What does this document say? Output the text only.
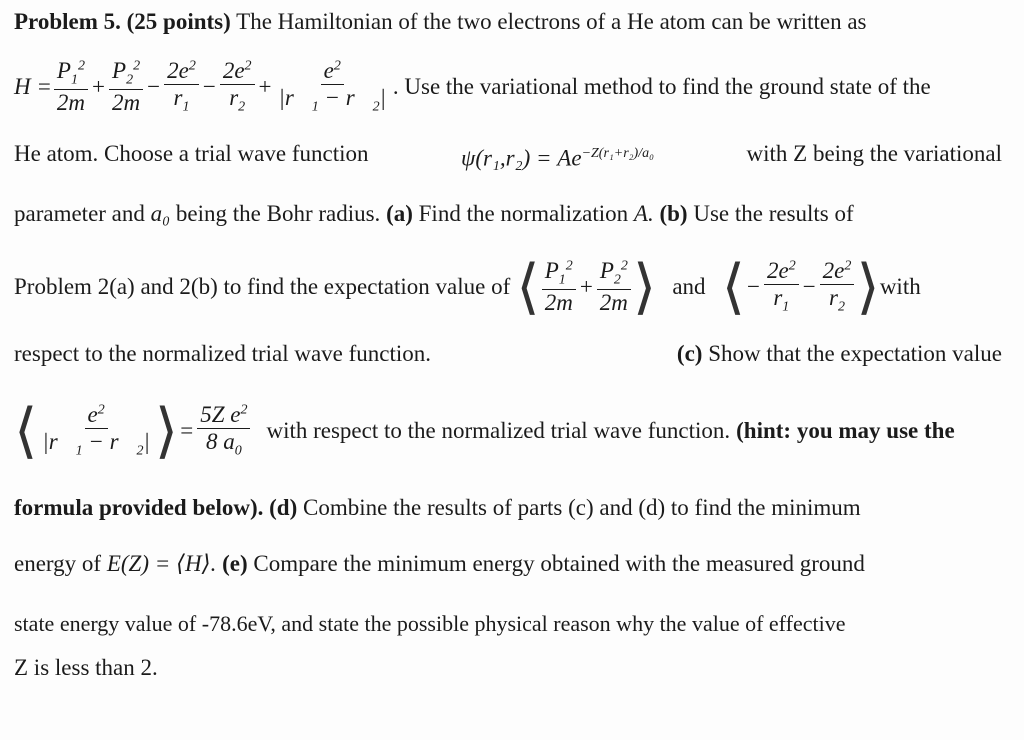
Problem 5. (25 points) The Hamiltonian of the two electrons of a He atom can be written as
$H = \frac{P_1^2}{2m} + \frac{P_2^2}{2m} - \frac{2e^2}{r_1} - \frac{2e^2}{r_2} + \frac{e^2}{|r⃗_1 - r⃗_2|}$ . Use the variational method to find the ground state of the
He atom. Choose a trial wave function	$\psi(r_1,r_2) = Ae^{-Z(r_1+r_2)/a_0}$	with Z being the variational
parameter and a₀ being the Bohr radius. (a) Find the normalization A. (b) Use the results of
Problem 2(a) and 2(b) to find the expectation value of ⟨ $\frac{P_1^2}{2m} + \frac{P_2^2}{2m}$ ⟩ and ⟨ − $\frac{2e^2}{r_1} - \frac{2e^2}{r_2}$ ⟩ with
respect to the normalized trial wave function.	(c) Show that the expectation value
⟨ $\frac{e^2}{|r⃗_1 - r⃗_2|}$ ⟩ = $\frac{5Z e^2}{8 a_0}$ with respect to the normalized trial wave function. (hint: you may use the
formula provided below). (d) Combine the results of parts (c) and (d) to find the minimum
energy of E(Z) = ⟨H⟩. (e) Compare the minimum energy obtained with the measured ground
state energy value of -78.6eV, and state the possible physical reason why the value of effective
Z is less than 2.
